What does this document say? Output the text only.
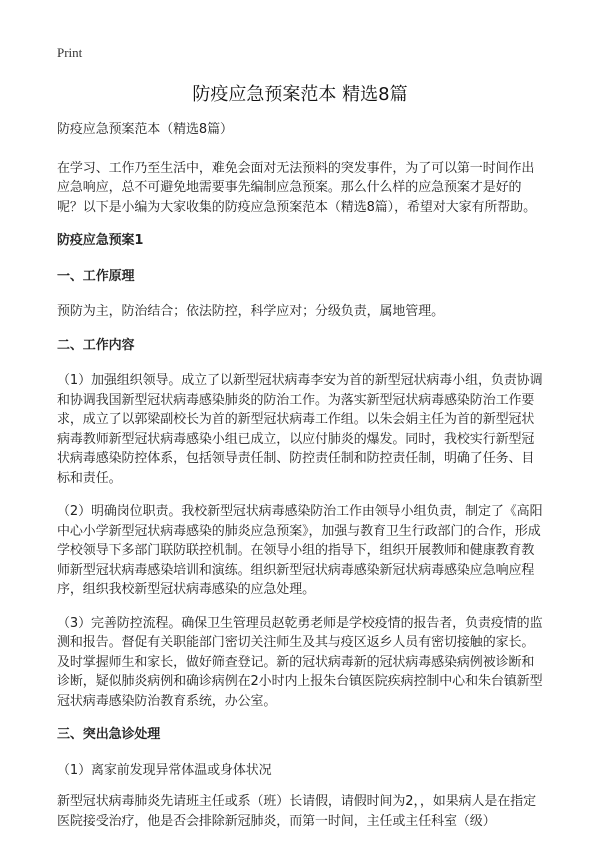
Print
防疫应急预案范本 精选8篇

防疫应急预案范本（精选8篇）

在学习、工作乃至生活中，难免会面对无法预料的突发事件，为了可以第一时间作出应急响应，总不可避免地需要事先编制应急预案。那么什么样的应急预案才是好的呢？以下是小编为大家收集的防疫应急预案范本（精选8篇），希望对大家有所帮助。

防疫应急预案1
一、工作原理

预防为主，防治结合；依法防控，科学应对；分级负责，属地管理。

二、工作内容

（1）加强组织领导。成立了以新型冠状病毒李安为首的新型冠状病毒小组，负责协调和协调我国新型冠状病毒感染肺炎的防治工作。为落实新型冠状病毒感染防治工作要求，成立了以郭梁副校长为首的新型冠状病毒工作组。以朱会娟主任为首的新型冠状病毒教师新型冠状病毒感染小组已成立，以应付肺炎的爆发。同时，我校实行新型冠状病毒感染防控体系，包括领导责任制、防控责任制和防控责任制，明确了任务、目标和责任。

（2）明确岗位职责。我校新型冠状病毒感染防治工作由领导小组负责，制定了《高阳中心小学新型冠状病毒感染的肺炎应急预案》，加强与教育卫生行政部门的合作，形成学校领导下多部门联防联控机制。在领导小组的指导下，组织开展教师和健康教育教师新型冠状病毒感染培训和演练。组织新型冠状病毒感染新冠状病毒感染应急响应程序，组织我校新型冠状病毒感染的应急处理。

（3）完善防控流程。确保卫生管理员赵乾勇老师是学校疫情的报告者，负责疫情的监测和报告。督促有关职能部门密切关注师生及其与疫区返乡人员有密切接触的家长。及时掌握师生和家长，做好筛查登记。新的冠状病毒新的冠状病毒感染病例被诊断和诊断，疑似肺炎病例和确诊病例在2小时内上报朱台镇医院疾病控制中心和朱台镇新型冠状病毒感染防治教育系统，办公室。

三、突出急诊处理

（1）离家前发现异常体温或身体状况

新型冠状病毒肺炎先请班主任或系（班）长请假，请假时间为2，，如果病人是在指定医院接受治疗，他是否会排除新冠肺炎，而第一时间，主任或主任科室（级）
